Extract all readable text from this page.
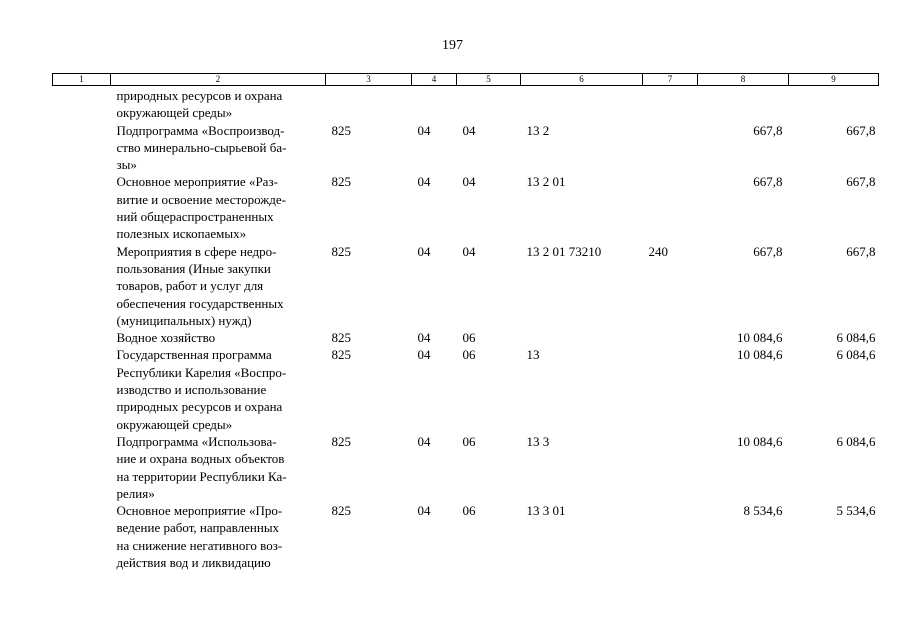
197
1	2	3	4	5	6	7	8	9
	природных ресурсов и охрана
окружающей среды»							
	Подпрограмма «Воспроизвод-
ство минерально-сырьевой ба-
зы»	825	04	04	13 2		667,8	667,8
	Основное мероприятие «Раз-
витие и освоение месторожде-
ний общераспространенных
полезных ископаемых»	825	04	04	13 2 01		667,8	667,8
	Мероприятия в сфере недро-
пользования (Иные закупки
товаров, работ и услуг для
обеспечения государственных
(муниципальных) нужд)	825	04	04	13 2 01 73210	240	667,8	667,8
	Водное хозяйство	825	04	06			10 084,6	6 084,6
	Государственная программа
Республики Карелия «Воспро-
изводство и использование
природных ресурсов и охрана
окружающей среды»	825	04	06	13		10 084,6	6 084,6
	Подпрограмма «Использова-
ние и охрана водных объектов
на территории Республики Ка-
релия»	825	04	06	13 3		10 084,6	6 084,6
	Основное мероприятие «Про-
ведение работ, направленных
на снижение негативного воз-
действия вод и ликвидацию	825	04	06	13 3 01		8 534,6	5 534,6
